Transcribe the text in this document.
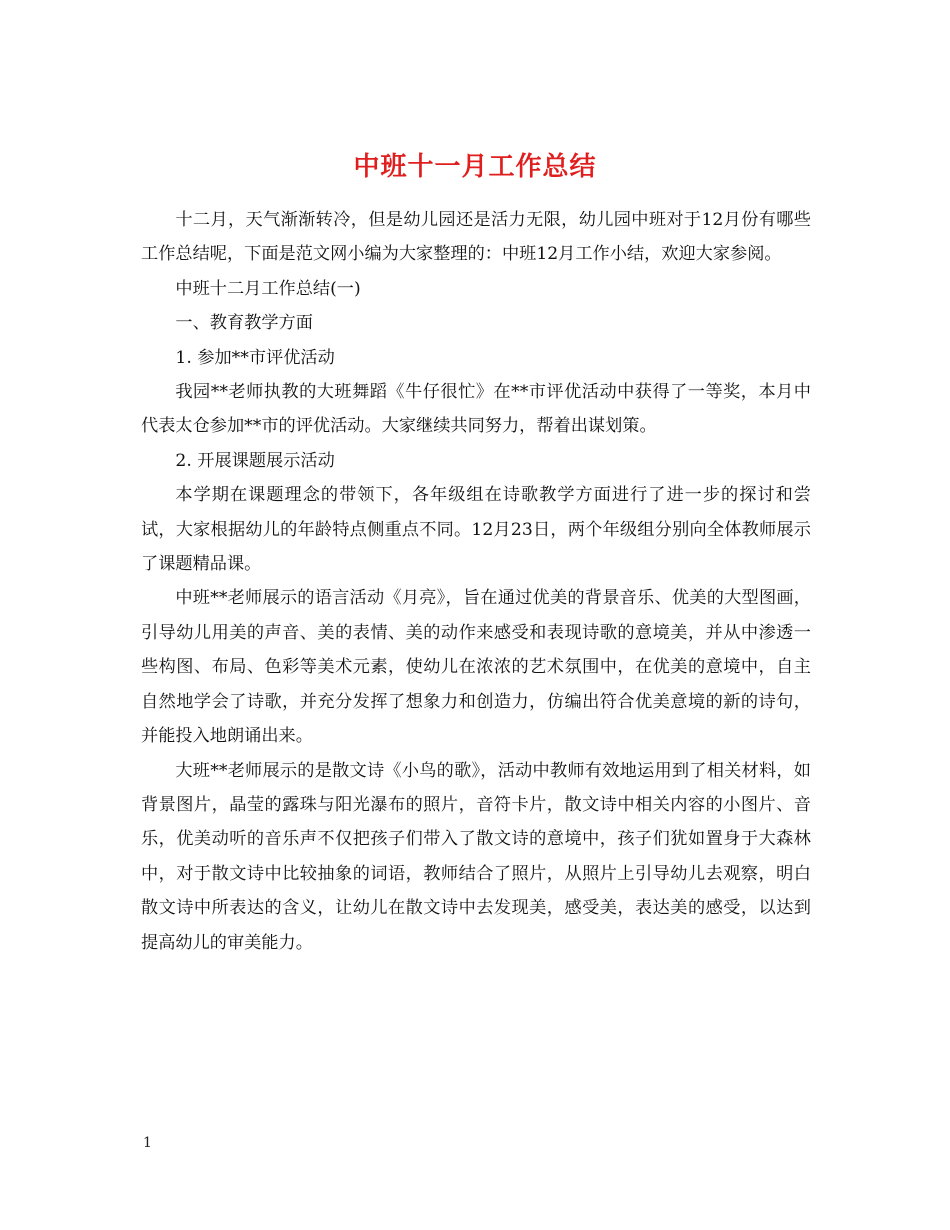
中班十一月工作总结

十二月，天气渐渐转冷，但是幼儿园还是活力无限，幼儿园中班对于12月份有哪些工作总结呢，下面是范文网小编为大家整理的：中班12月工作小结，欢迎大家参阅。

中班十二月工作总结(一)

一、教育教学方面

1. 参加**市评优活动

我园**老师执教的大班舞蹈《牛仔很忙》在**市评优活动中获得了一等奖，本月中代表太仓参加**市的评优活动。大家继续共同努力，帮着出谋划策。

2. 开展课题展示活动

本学期在课题理念的带领下，各年级组在诗歌教学方面进行了进一步的探讨和尝试，大家根据幼儿的年龄特点侧重点不同。12月23日，两个年级组分别向全体教师展示了课题精品课。

中班**老师展示的语言活动《月亮》，旨在通过优美的背景音乐、优美的大型图画，引导幼儿用美的声音、美的表情、美的动作来感受和表现诗歌的意境美，并从中渗透一些构图、布局、色彩等美术元素，使幼儿在浓浓的艺术氛围中，在优美的意境中，自主自然地学会了诗歌，并充分发挥了想象力和创造力，仿编出符合优美意境的新的诗句，并能投入地朗诵出来。

大班**老师展示的是散文诗《小鸟的歌》，活动中教师有效地运用到了相关材料，如背景图片，晶莹的露珠与阳光瀑布的照片，音符卡片，散文诗中相关内容的小图片、音乐，优美动听的音乐声不仅把孩子们带入了散文诗的意境中，孩子们犹如置身于大森林中，对于散文诗中比较抽象的词语，教师结合了照片，从照片上引导幼儿去观察，明白散文诗中所表达的含义，让幼儿在散文诗中去发现美，感受美，表达美的感受，以达到提高幼儿的审美能力。

1
